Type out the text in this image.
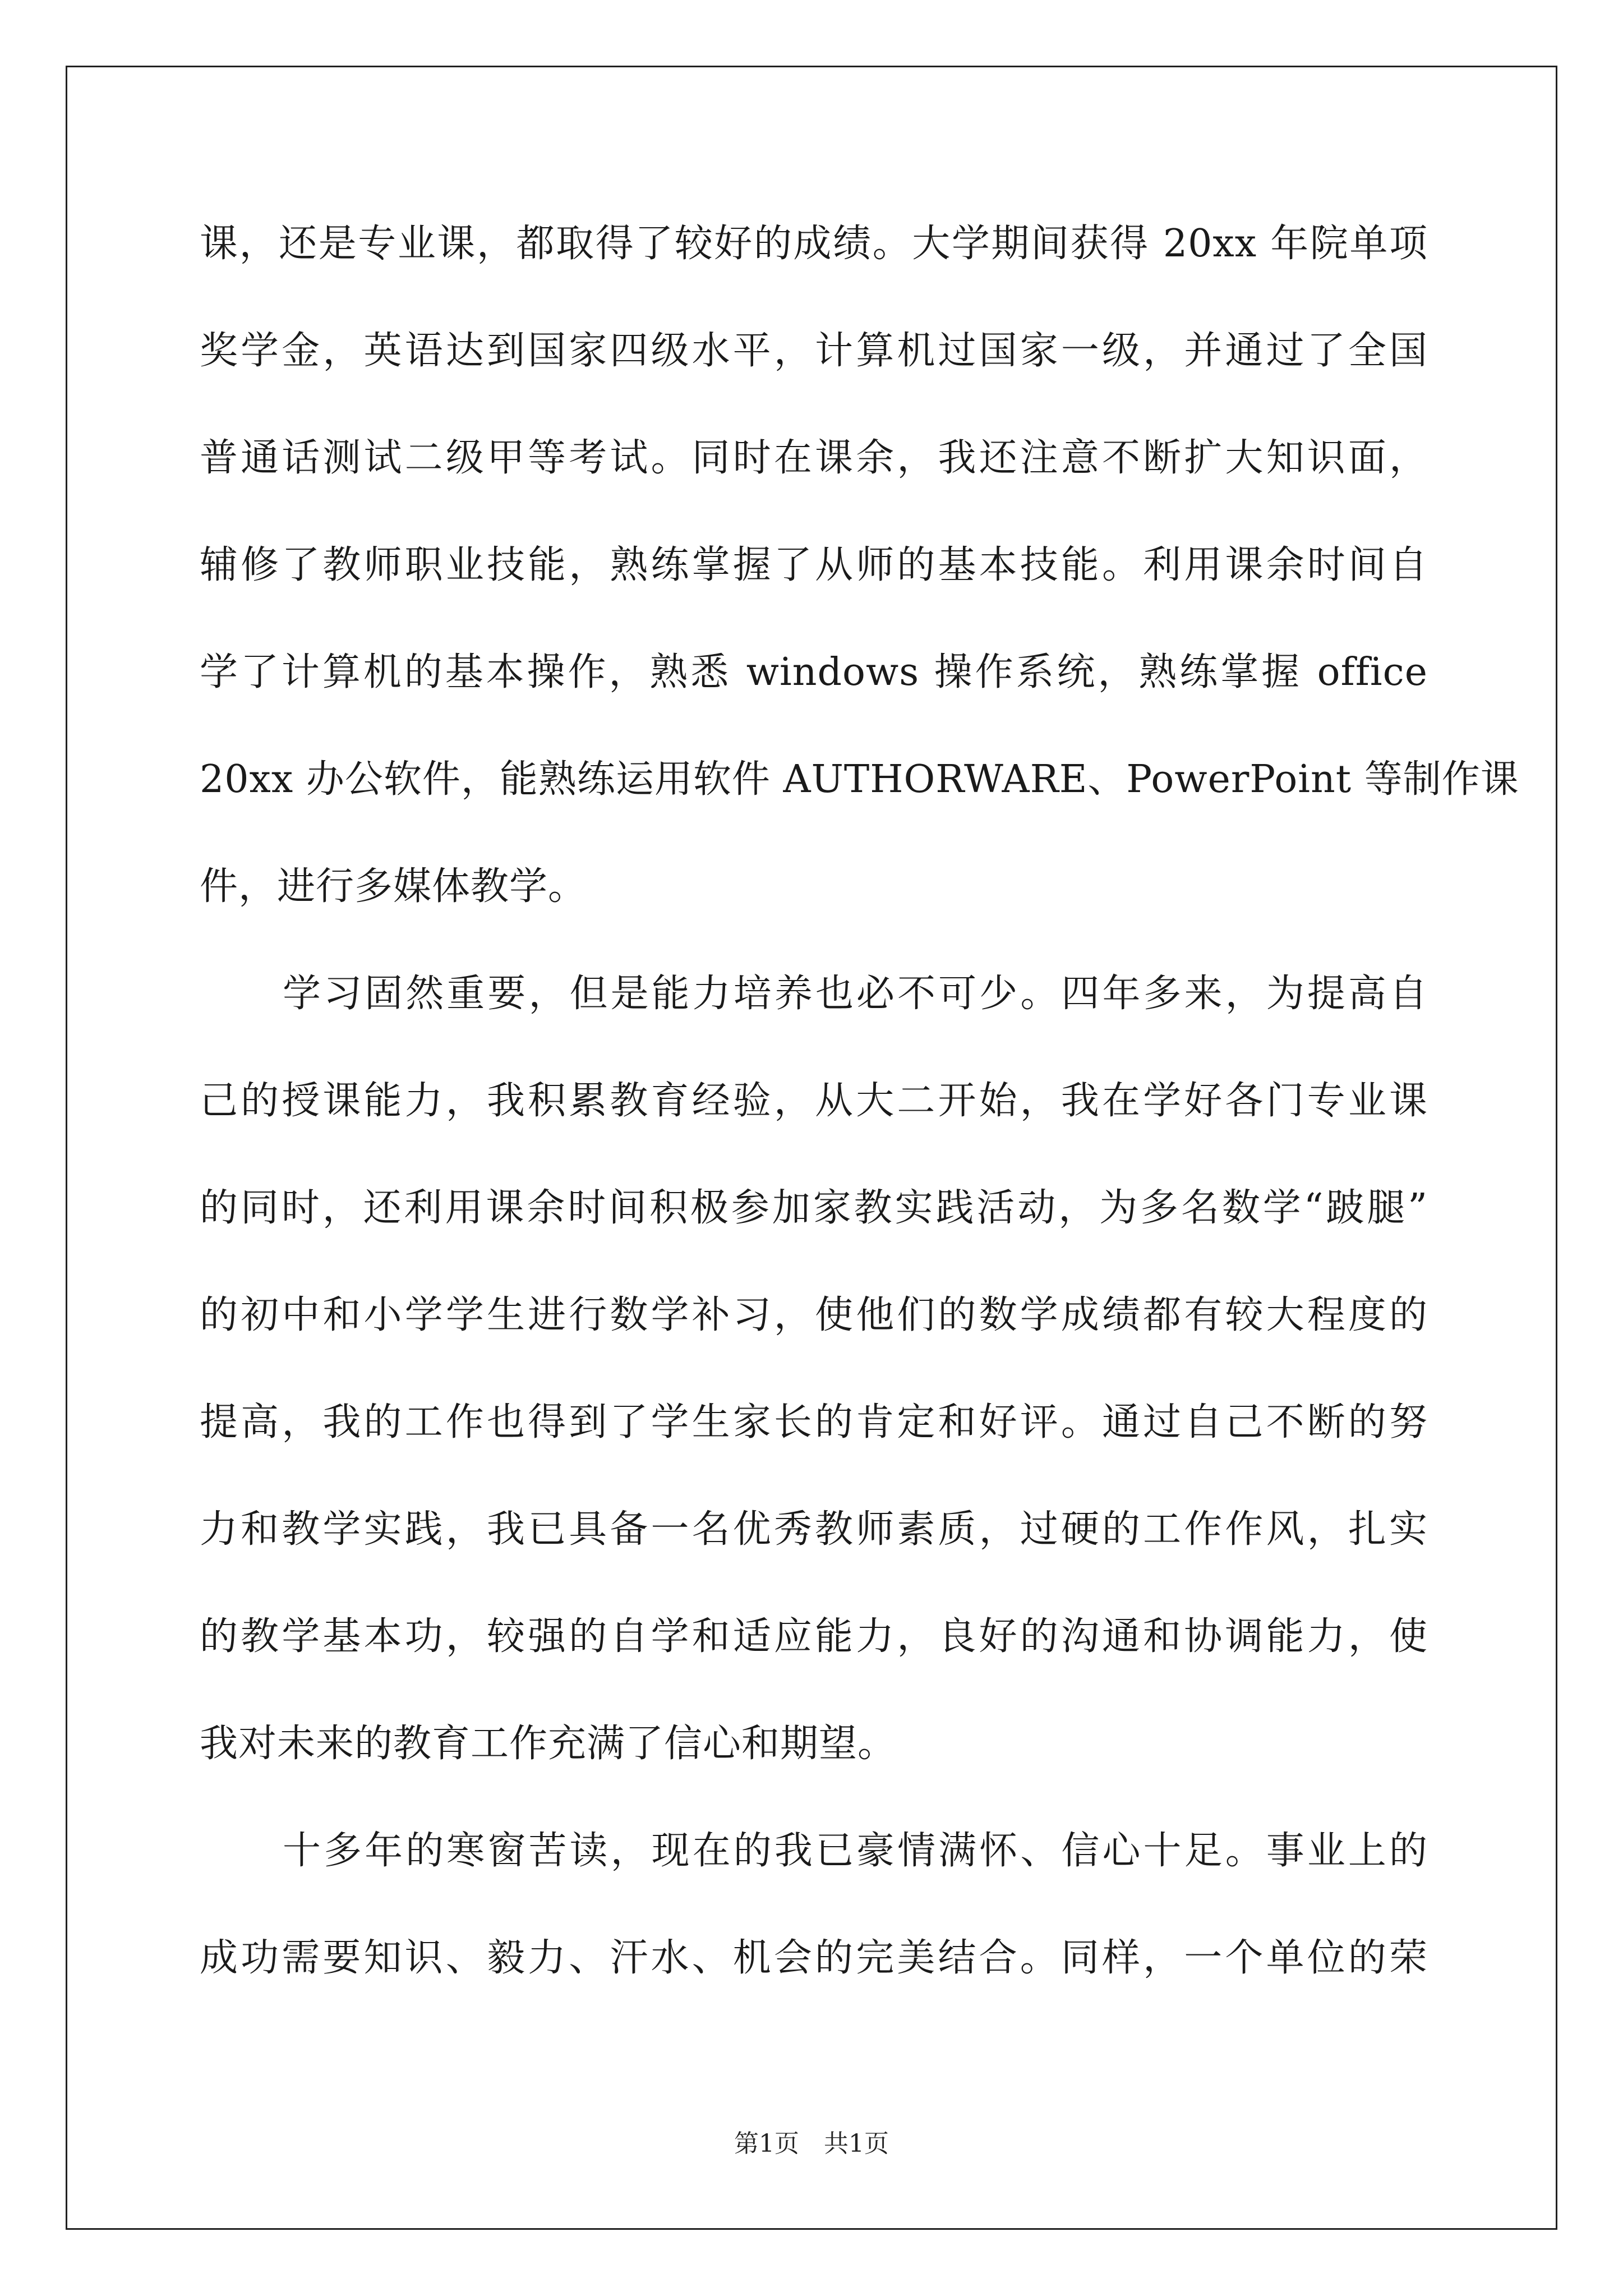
课，还是专业课，都取得了较好的成绩。大学期间获得 20xx 年院单项
奖学金，英语达到国家四级水平，计算机过国家一级，并通过了全国
普通话测试二级甲等考试。同时在课余，我还注意不断扩大知识面，
辅修了教师职业技能，熟练掌握了从师的基本技能。利用课余时间自
学了计算机的基本操作，熟悉 windows 操作系统，熟练掌握 office
20xx 办公软件，能熟练运用软件 AUTHORWARE、PowerPoint 等制作课
件，进行多媒体教学。
学习固然重要，但是能力培养也必不可少。四年多来，为提高自
己的授课能力，我积累教育经验，从大二开始，我在学好各门专业课
的同时，还利用课余时间积极参加家教实践活动，为多名数学“跛腿”
的初中和小学学生进行数学补习，使他们的数学成绩都有较大程度的
提高，我的工作也得到了学生家长的肯定和好评。通过自己不断的努
力和教学实践，我已具备一名优秀教师素质，过硬的工作作风，扎实
的教学基本功，较强的自学和适应能力，良好的沟通和协调能力，使
我对未来的教育工作充满了信心和期望。
十多年的寒窗苦读，现在的我已豪情满怀、信心十足。事业上的
成功需要知识、毅力、汗水、机会的完美结合。同样，一个单位的荣
第1页 共1页
